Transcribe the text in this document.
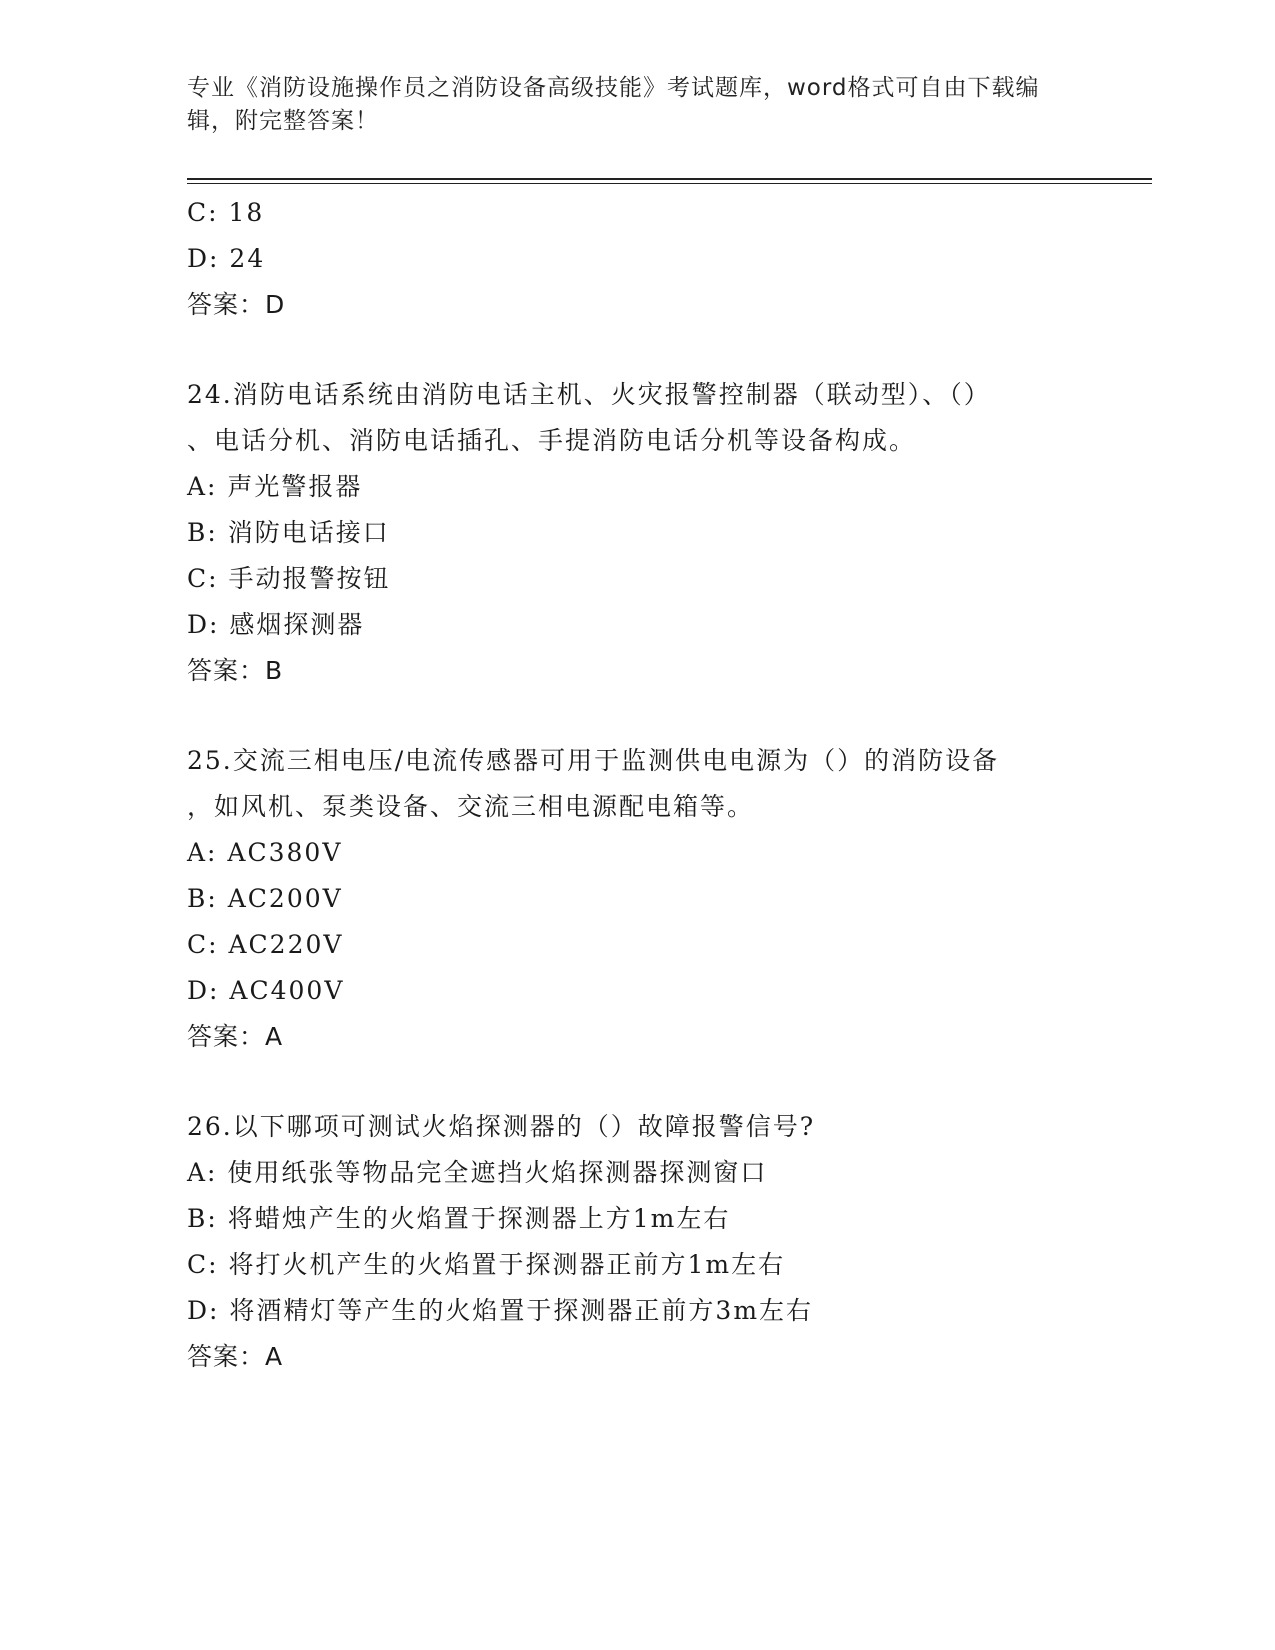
专业《消防设施操作员之消防设备高级技能》考试题库，word格式可自由下载编
辑，附完整答案！
C: 18
D: 24
答案：D
24.消防电话系统由消防电话主机、火灾报警控制器（联动型）、（）
、电话分机、消防电话插孔、手提消防电话分机等设备构成。
A: 声光警报器
B: 消防电话接口
C: 手动报警按钮
D: 感烟探测器
答案：B
25.交流三相电压/电流传感器可用于监测供电电源为（）的消防设备
，如风机、泵类设备、交流三相电源配电箱等。
A: AC380V
B: AC200V
C: AC220V
D: AC400V
答案：A
26.以下哪项可测试火焰探测器的（）故障报警信号?
A: 使用纸张等物品完全遮挡火焰探测器探测窗口
B: 将蜡烛产生的火焰置于探测器上方1m左右
C: 将打火机产生的火焰置于探测器正前方1m左右
D: 将酒精灯等产生的火焰置于探测器正前方3m左右
答案：A
